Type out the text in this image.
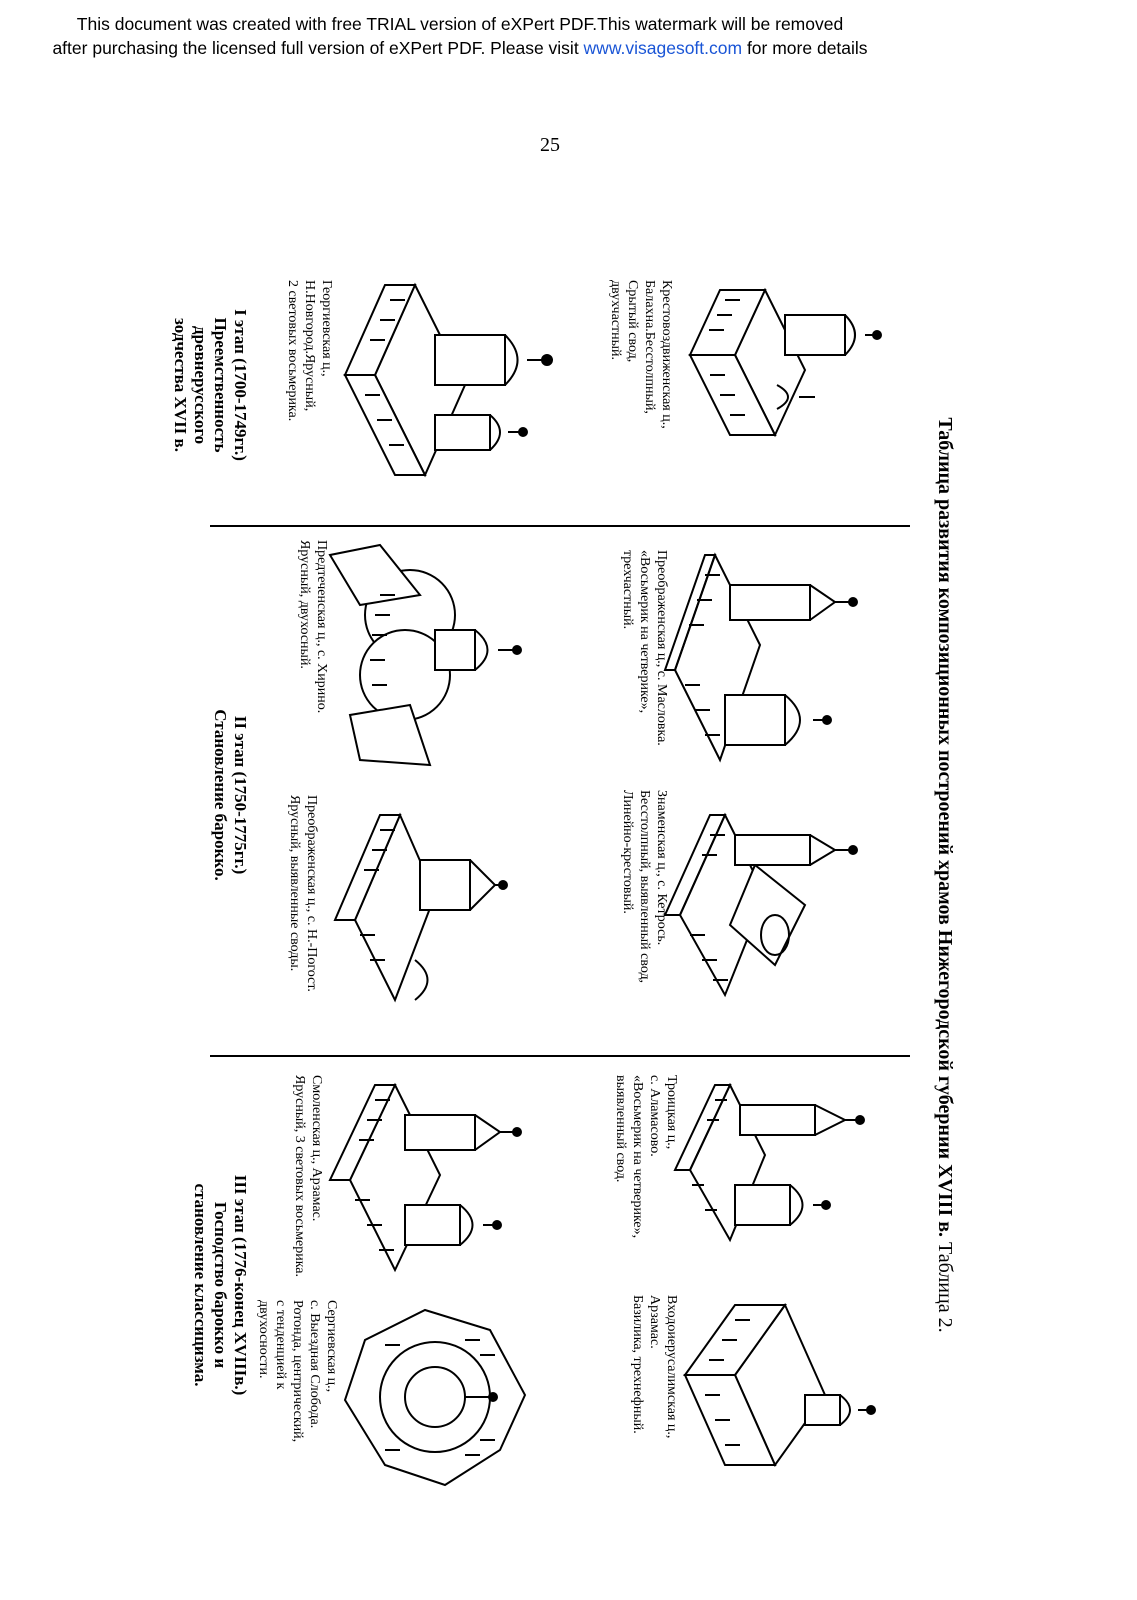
This document was created with free TRIAL version of eXPert PDF.This watermark will be removed
after purchasing the licensed full version of eXPert PDF. Please visit www.visagesoft.com for more details
25
Таблица развития композиционных построений храмов Нижегородской губернии XVIII в. Таблица 2.
Крестовоздвиженская ц.,
Балахна.Бесстолпный,
Срытый свод,
двухчастный.
Георгиевская ц.,
Н.Новгород.Ярусный,
2 световых восьмерика.
I этап (1700-1749гг.)
Преемственность
древнерусского
зодчества XVII в.
Преображенская ц., с. Масловка.
«Восьмерик на четверике»,
трехчастный.
Предтеченская ц., с. Хирино.
Ярусный, двухосный.
Знаменская ц., с. Кетрось.
Бесстолпный, выявленный свод,
Линейно-крестовый.
Преображенская ц., с. Н.-Погост.
Ярусный, выявленные своды.
II этап (1750-1775гг.)
Становление барокко.
Троицкая ц.,
с. Аламасово.
«Восьмерик на четверике»,
выявленный свод.
Входоиерусалимская ц.,
Арзамас.
Базилика, трехнефный.
Смоленская ц., Арзамас.
Ярусный, 3 световых восьмерика.
Сергиевская ц.,
с. Выездная Слобода.
Ротонда, центрический,
с тенденцией к
двухосности.
III этап (1776-конец XVIIIв.)
Господство барокко и
становление классицизма.
